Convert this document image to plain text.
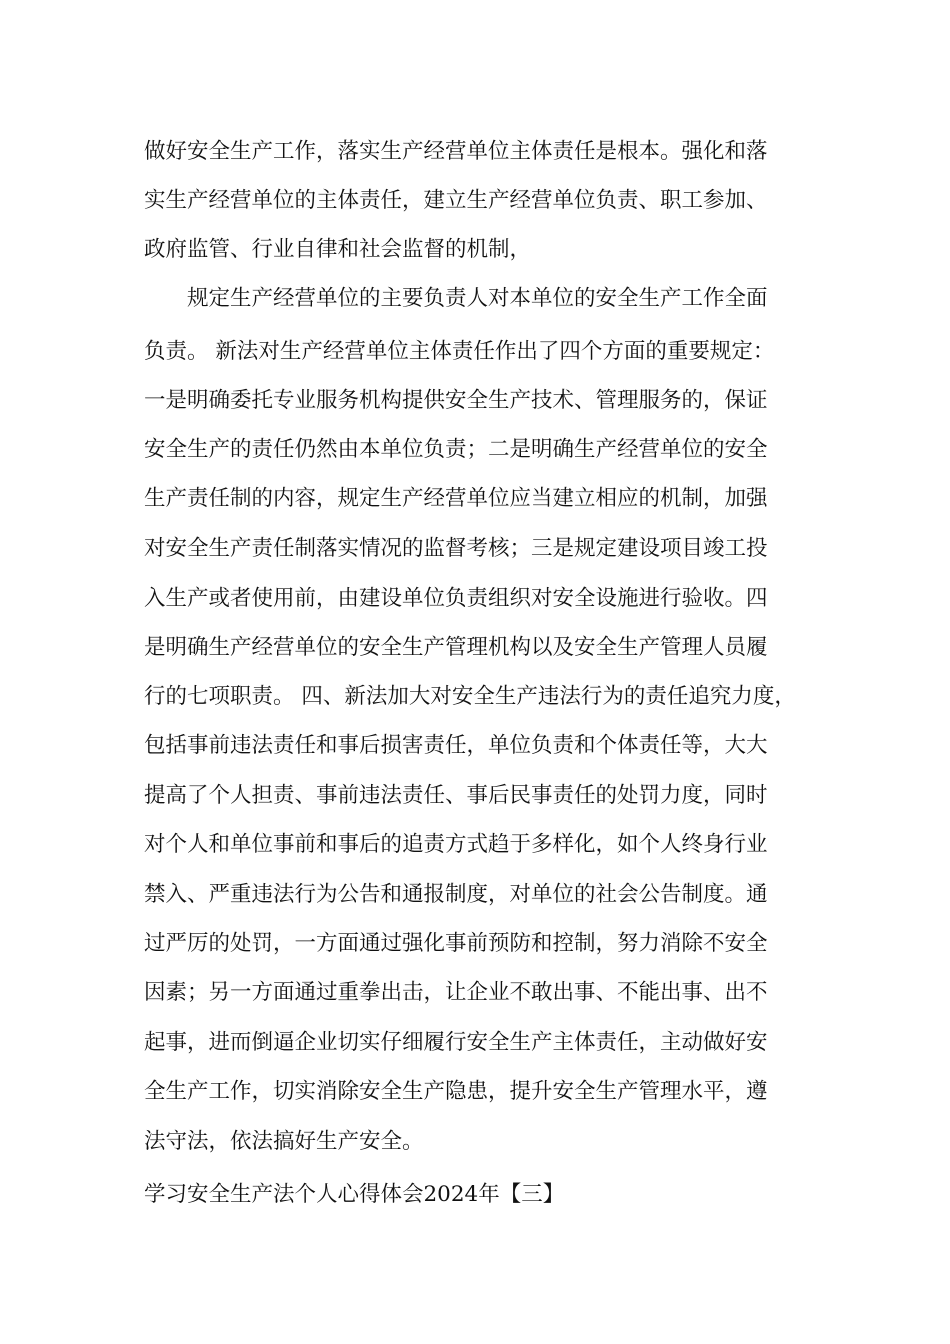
做好安全生产工作，落实生产经营单位主体责任是根本。强化和落
实生产经营单位的主体责任，建立生产经营单位负责、职工参加、
政府监管、行业自律和社会监督的机制，
规定生产经营单位的主要负责人对本单位的安全生产工作全面
负责。 新法对生产经营单位主体责任作出了四个方面的重要规定：
一是明确委托专业服务机构提供安全生产技术、管理服务的，保证
安全生产的责任仍然由本单位负责；二是明确生产经营单位的安全
生产责任制的内容，规定生产经营单位应当建立相应的机制，加强
对安全生产责任制落实情况的监督考核；三是规定建设项目竣工投
入生产或者使用前，由建设单位负责组织对安全设施进行验收。四
是明确生产经营单位的安全生产管理机构以及安全生产管理人员履
行的七项职责。 四、新法加大对安全生产违法行为的责任追究力度，
包括事前违法责任和事后损害责任，单位负责和个体责任等，大大
提高了个人担责、事前违法责任、事后民事责任的处罚力度，同时
对个人和单位事前和事后的追责方式趋于多样化，如个人终身行业
禁入、严重违法行为公告和通报制度，对单位的社会公告制度。通
过严厉的处罚，一方面通过强化事前预防和控制，努力消除不安全
因素；另一方面通过重拳出击，让企业不敢出事、不能出事、出不
起事，进而倒逼企业切实仔细履行安全生产主体责任，主动做好安
全生产工作，切实消除安全生产隐患，提升安全生产管理水平，遵
法守法，依法搞好生产安全。
学习安全生产法个人心得体会2024年【三】
